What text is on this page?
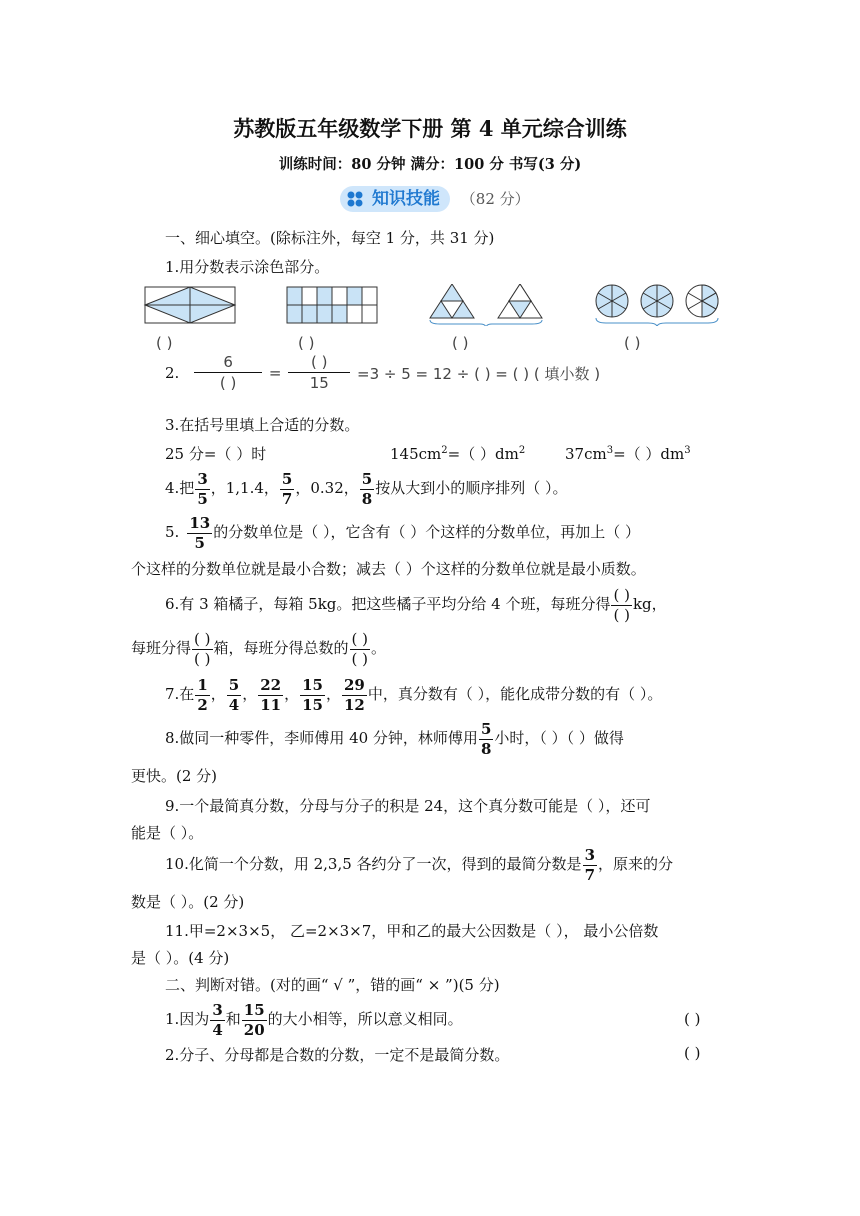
苏教版五年级数学下册 第 4 单元综合训练
训练时间：80 分钟 满分：100 分 书写(3 分)
知识技能 （82 分）
一、细心填空。(除标注外，每空 1 分，共 31 分)
1.用分数表示涂色部分。
( )	( )	( )	( )
2.
6
( )
=
( )
15
=3 ÷ 5 = 12 ÷ ( ) = ( ) ( 填小数 )
3.在括号里填上合适的分数。
25 分=（ ）时	$145cm^2=$（ ）$dm^2$	$37cm^3=$（ ）$dm^3$
4.把 $\frac{3}{5}$ ，1,1.4， $\frac{5}{7}$ ，0.32， $\frac{5}{8}$ 按从大到小的顺序排列（ ）。
5. $\frac{13}{5}$ 的分数单位是（ ），它含有（ ）个这样的分数单位，再加上（ ）
个这样的分数单位就是最小合数；减去（ ）个这样的分数单位就是最小质数。
6.有 3 箱橘子，每箱 5kg。把这些橘子平均分给 4 个班，每班分得 $\frac{( )}{( )}$ kg，
每班分得 $\frac{( )}{( )}$ 箱，每班分得总数的 $\frac{( )}{( )}$ 。
7.在 $\frac{1}{2}$ ， $\frac{5}{4}$ ， $\frac{22}{11}$ ， $\frac{15}{15}$ ， $\frac{29}{12}$ 中，真分数有（ ），能化成带分数的有（ ）。
8.做同一种零件，李师傅用 40 分钟，林师傅用 $\frac{5}{8}$ 小时，（ ）（ ）做得
更快。(2 分)
9.一个最简真分数，分母与分子的积是 24，这个真分数可能是（ ），还可
能是（ ）。
10.化简一个分数，用 2,3,5 各约分了一次，得到的最简分数是 $\frac{3}{7}$ ，原来的分
数是（ ）。(2 分)
11.甲=2×3×5， 乙=2×3×7，甲和乙的最大公因数是（ ）， 最小公倍数
是（ ）。(4 分)
二、判断对错。(对的画“ √ ”，错的画“ × ”)(5 分)
1.因为 $\frac{3}{4}$ 和 $\frac{15}{20}$ 的大小相等，所以意义相同。	( )
2.分子、分母都是合数的分数，一定不是最简分数。	( )
